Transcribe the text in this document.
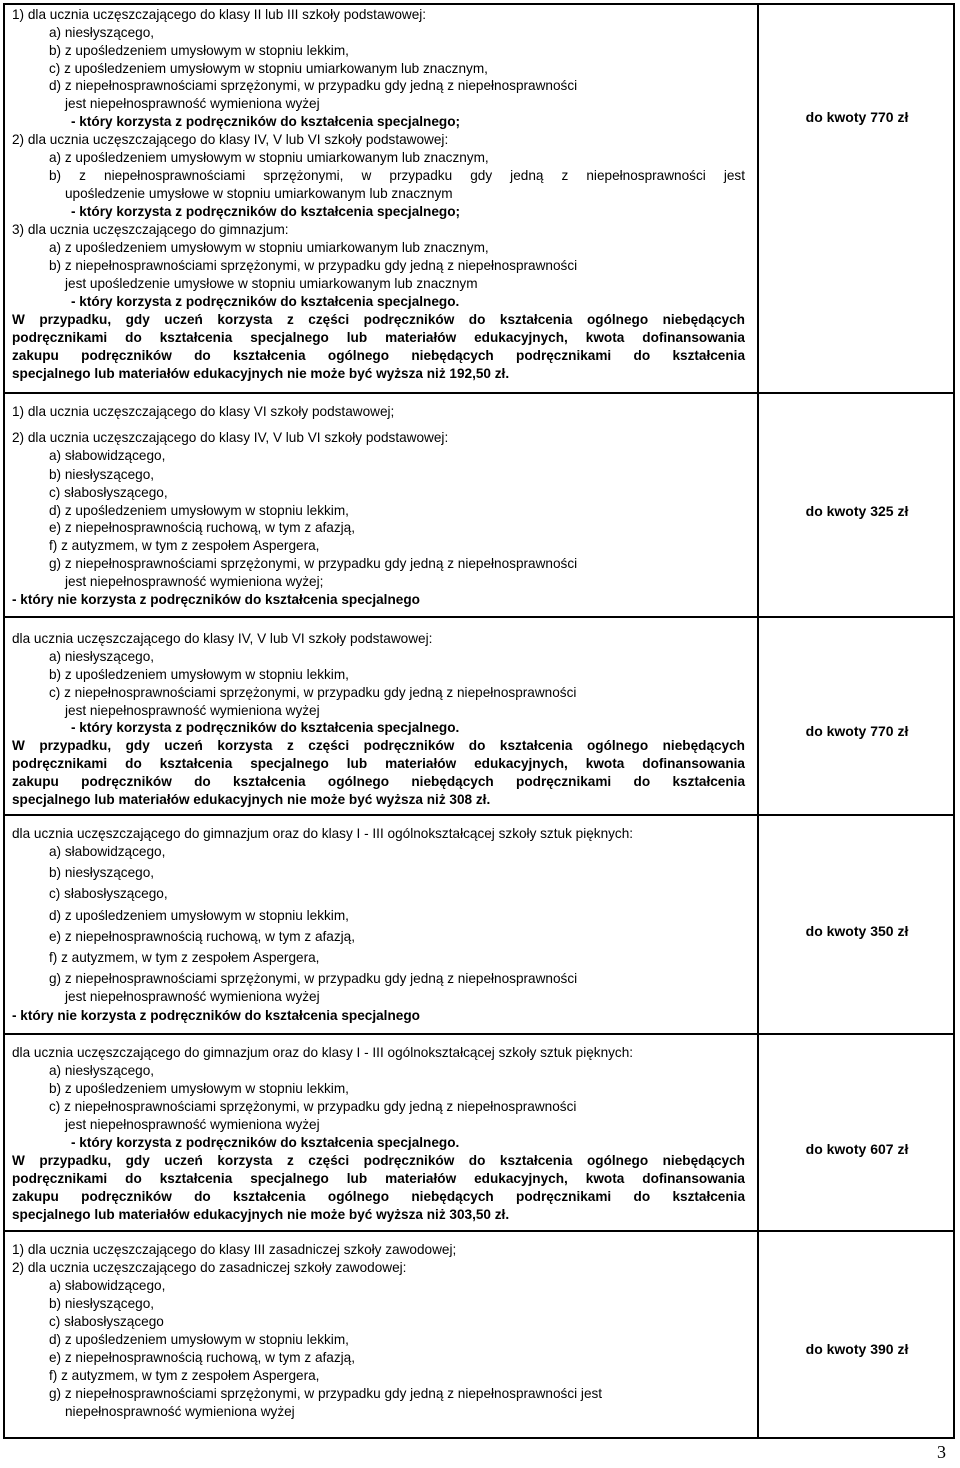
1) dla ucznia uczęszczającego do klasy II lub III szkoły podstawowej:
a) niesłyszącego,
b) z upośledzeniem umysłowym w stopniu lekkim,
c) z upośledzeniem umysłowym w stopniu umiarkowanym lub znacznym,
d) z niepełnosprawnościami sprzężonymi, w przypadku gdy jedną z niepełnosprawności
jest niepełnosprawność wymieniona wyżej
- który korzysta z podręczników do kształcenia specjalnego;
2) dla ucznia uczęszczającego do klasy IV, V lub VI szkoły podstawowej:
a) z upośledzeniem umysłowym w stopniu umiarkowanym lub znacznym,
b) z niepełnosprawnościami sprzężonymi, w przypadku gdy jedną z niepełnosprawności jest
upośledzenie umysłowe w stopniu umiarkowanym lub znacznym
- który korzysta z podręczników do kształcenia specjalnego;
3) dla ucznia uczęszczającego do gimnazjum:
a) z upośledzeniem umysłowym w stopniu umiarkowanym lub znacznym,
b) z niepełnosprawnościami sprzężonymi, w przypadku gdy jedną z niepełnosprawności
jest upośledzenie umysłowe w stopniu umiarkowanym lub znacznym
- który korzysta z podręczników do kształcenia specjalnego.
W przypadku, gdy uczeń korzysta z części podręczników do kształcenia ogólnego niebędących
podręcznikami do kształcenia specjalnego lub materiałów edukacyjnych, kwota dofinansowania
zakupu podręczników do kształcenia ogólnego niebędących podręcznikami do kształcenia
specjalnego lub materiałów edukacyjnych nie może być wyższa niż 192,50 zł.
do kwoty 770 zł
1) dla ucznia uczęszczającego do klasy VI szkoły podstawowej;
2) dla ucznia uczęszczającego do klasy IV, V lub VI szkoły podstawowej:
a) słabowidzącego,
b) niesłyszącego,
c) słabosłyszącego,
d) z upośledzeniem umysłowym w stopniu lekkim,
e) z niepełnosprawnością ruchową, w tym z afazją,
f) z autyzmem, w tym z zespołem Aspergera,
g) z niepełnosprawnościami sprzężonymi, w przypadku gdy jedną z niepełnosprawności
jest niepełnosprawność wymieniona wyżej;
- który nie korzysta z podręczników do kształcenia specjalnego
do kwoty 325 zł
dla ucznia uczęszczającego do klasy IV, V lub VI szkoły podstawowej:
a) niesłyszącego,
b) z upośledzeniem umysłowym w stopniu lekkim,
c) z niepełnosprawnościami sprzężonymi, w przypadku gdy jedną z niepełnosprawności
jest niepełnosprawność wymieniona wyżej
- który korzysta z podręczników do kształcenia specjalnego.
W przypadku, gdy uczeń korzysta z części podręczników do kształcenia ogólnego niebędących
podręcznikami do kształcenia specjalnego lub materiałów edukacyjnych, kwota dofinansowania
zakupu podręczników do kształcenia ogólnego niebędących podręcznikami do kształcenia
specjalnego lub materiałów edukacyjnych nie może być wyższa niż 308 zł.
do kwoty 770 zł
dla ucznia uczęszczającego do gimnazjum oraz do klasy I - III ogólnokształcącej szkoły sztuk pięknych:
a) słabowidzącego,
b) niesłyszącego,
c) słabosłyszącego,
d) z upośledzeniem umysłowym w stopniu lekkim,
e) z niepełnosprawnością ruchową, w tym z afazją,
f) z autyzmem, w tym z zespołem Aspergera,
g) z niepełnosprawnościami sprzężonymi, w przypadku gdy jedną z niepełnosprawności
jest niepełnosprawność wymieniona wyżej
- który nie korzysta z podręczników do kształcenia specjalnego
do kwoty 350 zł
dla ucznia uczęszczającego do gimnazjum oraz do klasy I - III ogólnokształcącej szkoły sztuk pięknych:
a) niesłyszącego,
b) z upośledzeniem umysłowym w stopniu lekkim,
c) z niepełnosprawnościami sprzężonymi, w przypadku gdy jedną z niepełnosprawności
jest niepełnosprawność wymieniona wyżej
- który korzysta z podręczników do kształcenia specjalnego.
W przypadku, gdy uczeń korzysta z części podręczników do kształcenia ogólnego niebędących
podręcznikami do kształcenia specjalnego lub materiałów edukacyjnych, kwota dofinansowania
zakupu podręczników do kształcenia ogólnego niebędących podręcznikami do kształcenia
specjalnego lub materiałów edukacyjnych nie może być wyższa niż 303,50 zł.
do kwoty 607 zł
1) dla ucznia uczęszczającego do klasy III zasadniczej szkoły zawodowej;
2) dla ucznia uczęszczającego do zasadniczej szkoły zawodowej:
a) słabowidzącego,
b) niesłyszącego,
c) słabosłyszącego
d) z upośledzeniem umysłowym w stopniu lekkim,
e) z niepełnosprawnością ruchową, w tym z afazją,
f) z autyzmem, w tym z zespołem Aspergera,
g) z niepełnosprawnościami sprzężonymi, w przypadku gdy jedną z niepełnosprawności jest
niepełnosprawność wymieniona wyżej
do kwoty 390 zł
3
